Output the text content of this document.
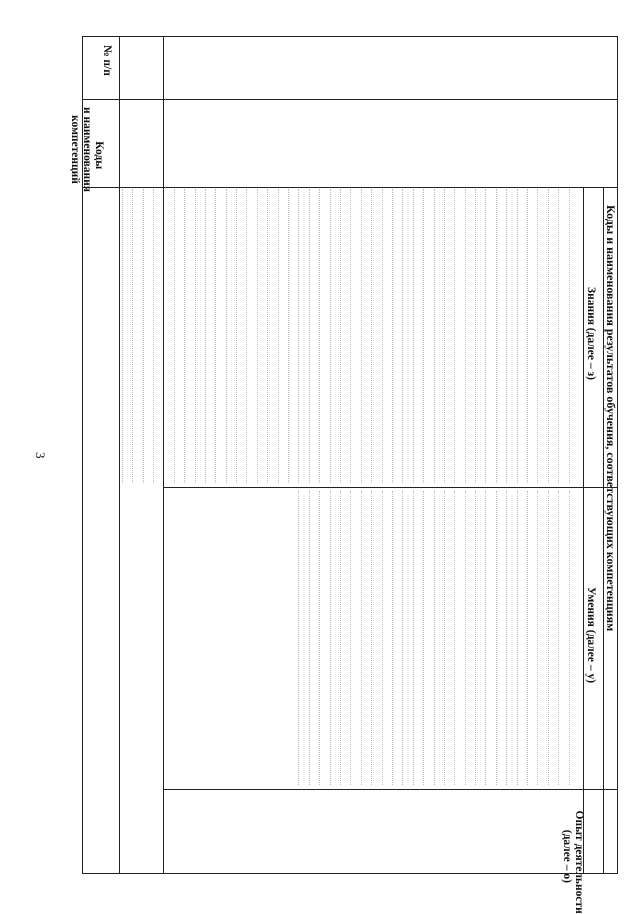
3
№ п/п

Коды
и наименования
компетенций

Коды и наименования результатов обучения, соответствующих компетенциям
Знания (далее – з)
Умения (далее – у)

Опыт деятельности
(далее – о)
